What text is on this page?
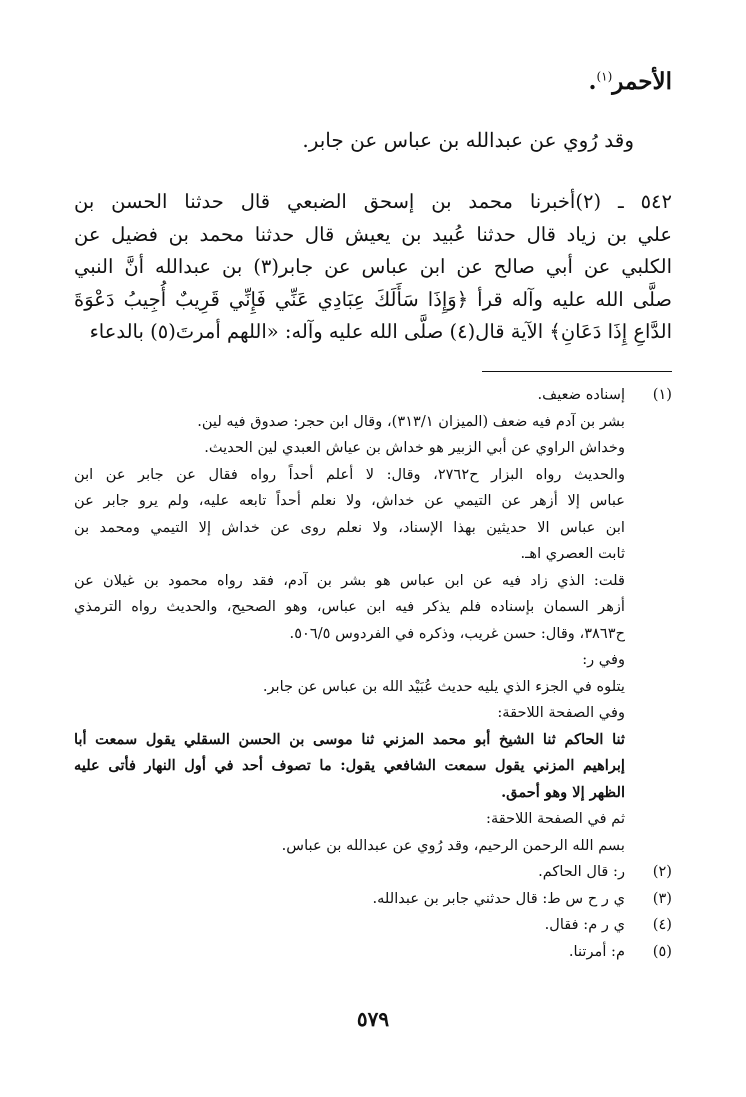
الأحمر$^{(١)}$.
وقد رُوي عن عبدالله بن عباس عن جابر.
٥٤٢ ـ (٢)أخبرنا محمد بن إسحق الضبعي قال حدثنا الحسن بن
علي بن زياد قال حدثنا عُبيد بن يعيش قال حدثنا محمد بن فضيل عن
الكلبي عن أبي صالح عن ابن عباس عن جابر(٣) بن عبدالله أنَّ النبي
صلَّى الله عليه وآله قرأ ﴿وَإِذَا سَأَلَكَ عِبَادِي عَنِّي فَإِنِّي قَرِيبٌ أُجِيبُ دَعْوَةَ
الدَّاعِ إِذَا دَعَانِ﴾ الآية قال(٤) صلَّى الله عليه وآله: «اللهم أمرتَ(٥) بالدعاء
(١)
إسناده ضعيف.
بشر بن آدم فيه ضعف (الميزان ٣١٣/١)، وقال ابن حجر: صدوق فيه لين.
وخداش الراوي عن أبي الزبير هو خداش بن عياش العبدي لين الحديث.
والحديث رواه البزار ح٢٧٦٢، وقال: لا أعلم أحداً رواه فقال عن جابر عن ابن
عباس إلا أزهر عن التيمي عن خداش، ولا نعلم أحداً تابعه عليه، ولم يرو جابر عن
ابن عباس الا حديثين بهذا الإسناد، ولا نعلم روى عن خداش إلا التيمي ومحمد بن
ثابت العصري اهـ.
قلت: الذي زاد فيه عن ابن عباس هو بشر بن آدم، فقد رواه محمود بن غيلان عن
أزهر السمان بإسناده فلم يذكر فيه ابن عباس، وهو الصحيح، والحديث رواه الترمذي
ح٣٨٦٣، وقال: حسن غريب، وذكره في الفردوس ٥٠٦/٥.
وفي ر:
يتلوه في الجزء الذي يليه حديث عُبَيْد الله بن عباس عن جابر.
وفي الصفحة اللاحقة:
ثنا الحاكم ثنا الشيخ أبو محمد المزني ثنا موسى بن الحسن السقلي يقول سمعت أبا
إبراهيم المزني يقول سمعت الشافعي يقول: ما تصوف أحد في أول النهار فأتى عليه
الظهر إلا وهو أحمق.
ثم في الصفحة اللاحقة:
بسم الله الرحمن الرحيم، وقد رُوي عن عبدالله بن عباس.
(٢)
ر: قال الحاكم.
(٣)
ي ر ح س ط: قال حدثني جابر بن عبدالله.
(٤)
ي ر م: فقال.
(٥)
م: أمرتنا.
٥٧٩
